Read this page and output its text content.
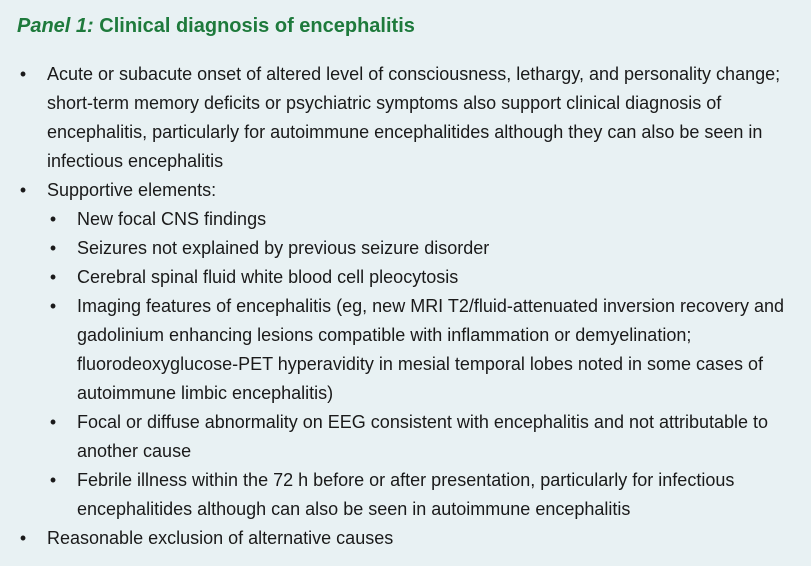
Panel 1: Clinical diagnosis of encephalitis
• Acute or subacute onset of altered level of consciousness, lethargy, and personality change; short-term memory deficits or psychiatric symptoms also support clinical diagnosis of encephalitis, particularly for autoimmune encephalitides although they can also be seen in infectious encephalitis
• Supportive elements:
• New focal CNS findings
• Seizures not explained by previous seizure disorder
• Cerebral spinal fluid white blood cell pleocytosis
• Imaging features of encephalitis (eg, new MRI T2/fluid-attenuated inversion recovery and gadolinium enhancing lesions compatible with inflammation or demyelination; fluorodeoxyglucose-PET hyperavidity in mesial temporal lobes noted in some cases of autoimmune limbic encephalitis)
• Focal or diffuse abnormality on EEG consistent with encephalitis and not attributable to another cause
• Febrile illness within the 72 h before or after presentation, particularly for infectious encephalitides although can also be seen in autoimmune encephalitis
• Reasonable exclusion of alternative causes
